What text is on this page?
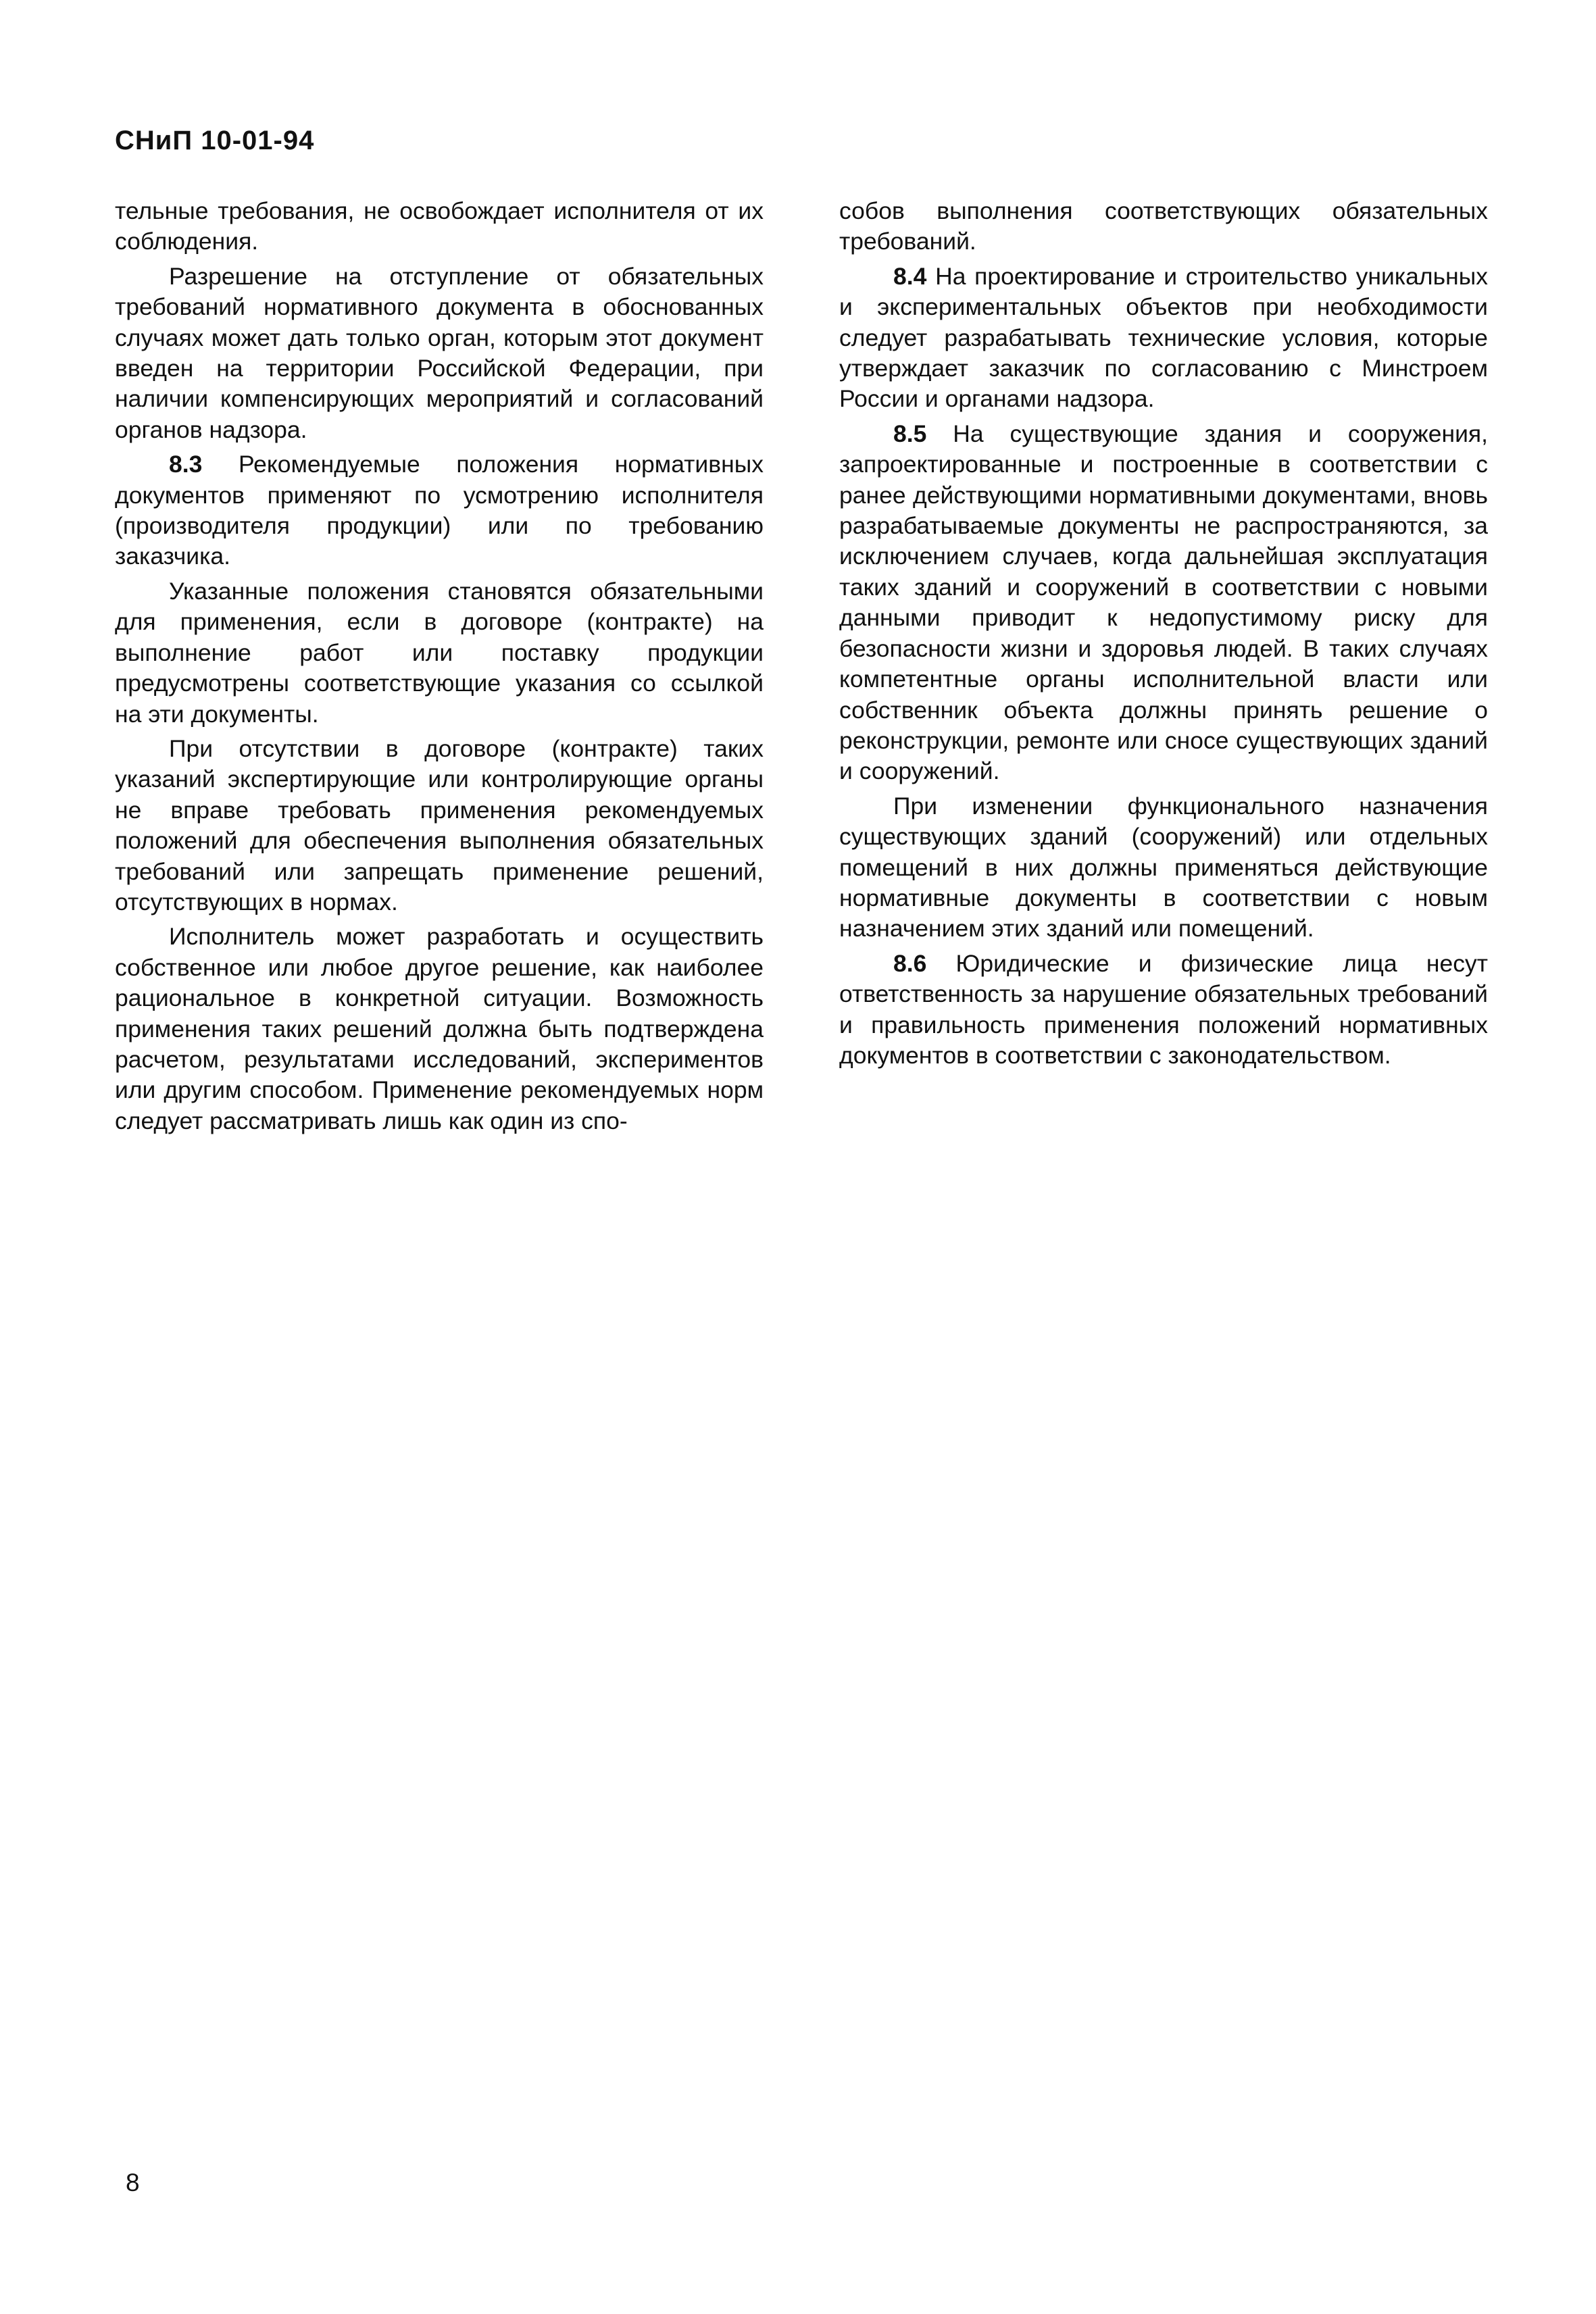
СНиП 10-01-94

тельные требования, не освобождает исполнителя от их соблюдения.

Разрешение на отступление от обязательных требований нормативного документа в обоснованных случаях может дать только орган, которым этот документ введен на территории Российской Федерации, при наличии компенсирующих мероприятий и согласований органов надзора.

8.3 Рекомендуемые положения нормативных документов применяют по усмотрению исполнителя (производителя продукции) или по требованию заказчика.

Указанные положения становятся обязательными для применения, если в договоре (контракте) на выполнение работ или поставку продукции предусмотрены соответствующие указания со ссылкой на эти документы.

При отсутствии в договоре (контракте) таких указаний экспертирующие или контролирующие органы не вправе требовать применения рекомендуемых положений для обеспечения выполнения обязательных требований или запрещать применение решений, отсутствующих в нормах.

Исполнитель может разработать и осуществить собственное или любое другое решение, как наиболее рациональное в конкретной ситуации. Возможность применения таких решений должна быть подтверждена расчетом, результатами исследований, экспериментов или другим способом. Применение рекомендуемых норм следует рассматривать лишь как один из спо-

собов выполнения соответствующих обязательных требований.

8.4 На проектирование и строительство уникальных и экспериментальных объектов при необходимости следует разрабатывать технические условия, которые утверждает заказчик по согласованию с Минстроем России и органами надзора.

8.5 На существующие здания и сооружения, запроектированные и построенные в соответствии с ранее действующими нормативными документами, вновь разрабатываемые документы не распространяются, за исключением случаев, когда дальнейшая эксплуатация таких зданий и сооружений в соответствии с новыми данными приводит к недопустимому риску для безопасности жизни и здоровья людей. В таких случаях компетентные органы исполнительной власти или собственник объекта должны принять решение о реконструкции, ремонте или сносе существующих зданий и сооружений.

При изменении функционального назначения существующих зданий (сооружений) или отдельных помещений в них должны применяться действующие нормативные документы в соответствии с новым назначением этих зданий или помещений.

8.6 Юридические и физические лица несут ответственность за нарушение обязательных требований и правильность применения положений нормативных документов в соответствии с законодательством.

8
